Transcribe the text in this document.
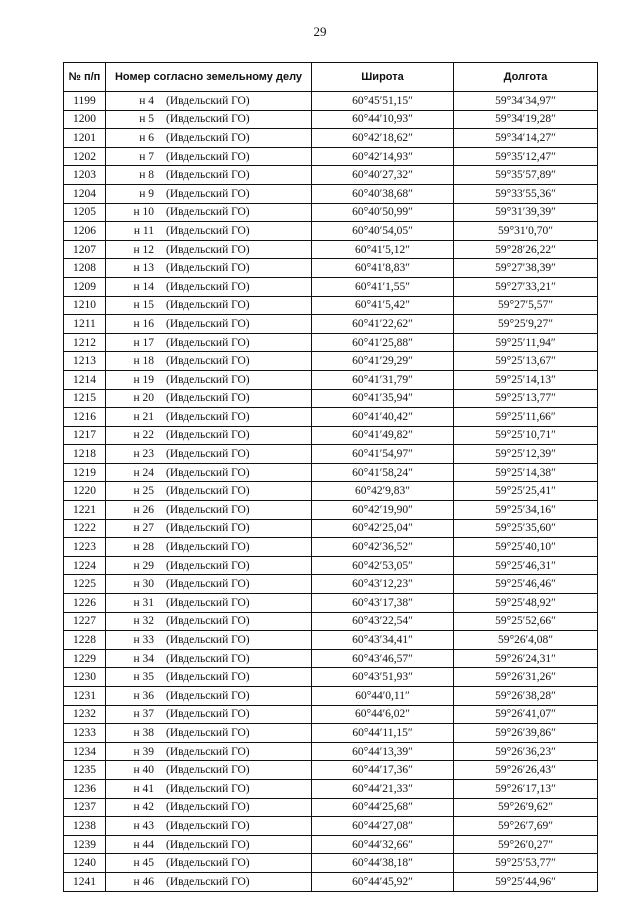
29
№ п/п	Номер согласно земельному делу	Широта	Долгота
1199	н 4 (Ивдельский ГО)	60°45′51,15″	59°34′34,97″
1200	н 5 (Ивдельский ГО)	60°44′10,93″	59°34′19,28″
1201	н 6 (Ивдельский ГО)	60°42′18,62″	59°34′14,27″
1202	н 7 (Ивдельский ГО)	60°42′14,93″	59°35′12,47″
1203	н 8 (Ивдельский ГО)	60°40′27,32″	59°35′57,89″
1204	н 9 (Ивдельский ГО)	60°40′38,68″	59°33′55,36″
1205	н 10 (Ивдельский ГО)	60°40′50,99″	59°31′39,39″
1206	н 11 (Ивдельский ГО)	60°40′54,05″	59°31′0,70″
1207	н 12 (Ивдельский ГО)	60°41′5,12″	59°28′26,22″
1208	н 13 (Ивдельский ГО)	60°41′8,83″	59°27′38,39″
1209	н 14 (Ивдельский ГО)	60°41′1,55″	59°27′33,21″
1210	н 15 (Ивдельский ГО)	60°41′5,42″	59°27′5,57″
1211	н 16 (Ивдельский ГО)	60°41′22,62″	59°25′9,27″
1212	н 17 (Ивдельский ГО)	60°41′25,88″	59°25′11,94″
1213	н 18 (Ивдельский ГО)	60°41′29,29″	59°25′13,67″
1214	н 19 (Ивдельский ГО)	60°41′31,79″	59°25′14,13″
1215	н 20 (Ивдельский ГО)	60°41′35,94″	59°25′13,77″
1216	н 21 (Ивдельский ГО)	60°41′40,42″	59°25′11,66″
1217	н 22 (Ивдельский ГО)	60°41′49,82″	59°25′10,71″
1218	н 23 (Ивдельский ГО)	60°41′54,97″	59°25′12,39″
1219	н 24 (Ивдельский ГО)	60°41′58,24″	59°25′14,38″
1220	н 25 (Ивдельский ГО)	60°42′9,83″	59°25′25,41″
1221	н 26 (Ивдельский ГО)	60°42′19,90″	59°25′34,16″
1222	н 27 (Ивдельский ГО)	60°42′25,04″	59°25′35,60″
1223	н 28 (Ивдельский ГО)	60°42′36,52″	59°25′40,10″
1224	н 29 (Ивдельский ГО)	60°42′53,05″	59°25′46,31″
1225	н 30 (Ивдельский ГО)	60°43′12,23″	59°25′46,46″
1226	н 31 (Ивдельский ГО)	60°43′17,38″	59°25′48,92″
1227	н 32 (Ивдельский ГО)	60°43′22,54″	59°25′52,66″
1228	н 33 (Ивдельский ГО)	60°43′34,41″	59°26′4,08″
1229	н 34 (Ивдельский ГО)	60°43′46,57″	59°26′24,31″
1230	н 35 (Ивдельский ГО)	60°43′51,93″	59°26′31,26″
1231	н 36 (Ивдельский ГО)	60°44′0,11″	59°26′38,28″
1232	н 37 (Ивдельский ГО)	60°44′6,02″	59°26′41,07″
1233	н 38 (Ивдельский ГО)	60°44′11,15″	59°26′39,86″
1234	н 39 (Ивдельский ГО)	60°44′13,39″	59°26′36,23″
1235	н 40 (Ивдельский ГО)	60°44′17,36″	59°26′26,43″
1236	н 41 (Ивдельский ГО)	60°44′21,33″	59°26′17,13″
1237	н 42 (Ивдельский ГО)	60°44′25,68″	59°26′9,62″
1238	н 43 (Ивдельский ГО)	60°44′27,08″	59°26′7,69″
1239	н 44 (Ивдельский ГО)	60°44′32,66″	59°26′0,27″
1240	н 45 (Ивдельский ГО)	60°44′38,18″	59°25′53,77″
1241	н 46 (Ивдельский ГО)	60°44′45,92″	59°25′44,96″
